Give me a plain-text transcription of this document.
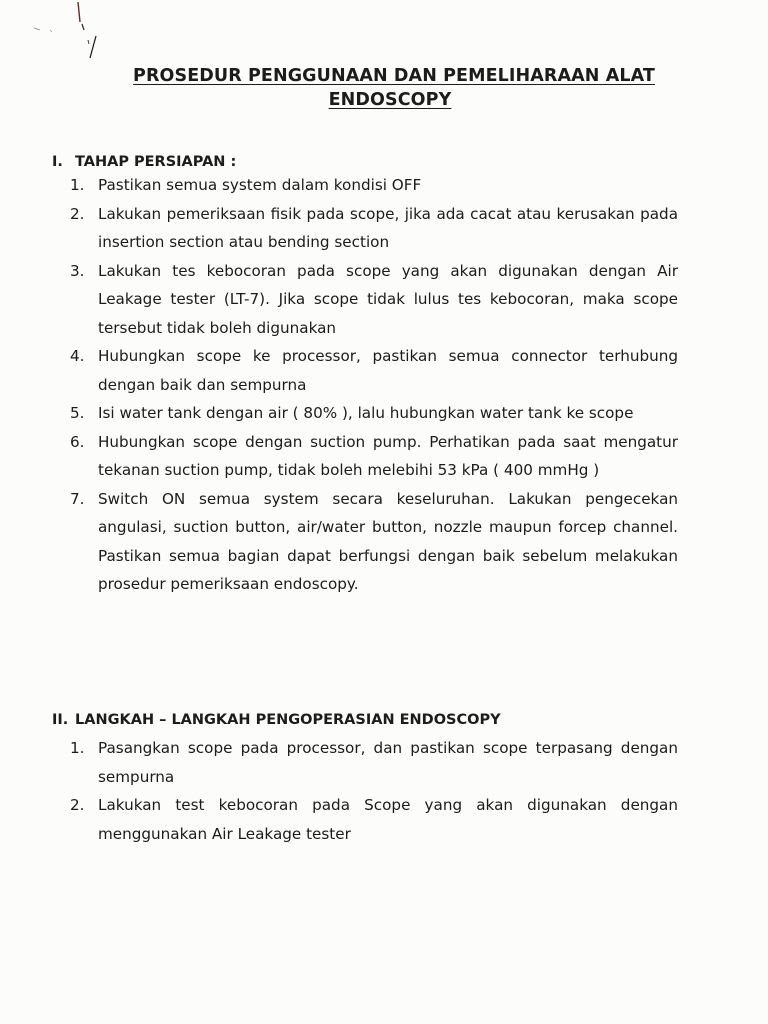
PROSEDUR PENGGUNAAN DAN PEMELIHARAAN ALAT
ENDOSCOPY
I. TAHAP PERSIAPAN :
1. Pastikan semua system dalam kondisi OFF
2. Lakukan pemeriksaan fisik pada scope, jika ada cacat atau kerusakan pada insertion section atau bending section
3. Lakukan tes kebocoran pada scope yang akan digunakan dengan Air Leakage tester (LT-7). Jika scope tidak lulus tes kebocoran, maka scope tersebut tidak boleh digunakan
4. Hubungkan scope ke processor, pastikan semua connector terhubung dengan baik dan sempurna
5. Isi water tank dengan air ( 80% ), lalu hubungkan water tank ke scope
6. Hubungkan scope dengan suction pump. Perhatikan pada saat mengatur tekanan suction pump, tidak boleh melebihi 53 kPa ( 400 mmHg )
7. Switch ON semua system secara keseluruhan. Lakukan pengecekan angulasi, suction button, air/water button, nozzle maupun forcep channel. Pastikan semua bagian dapat berfungsi dengan baik sebelum melakukan prosedur pemeriksaan endoscopy.
II. LANGKAH – LANGKAH PENGOPERASIAN ENDOSCOPY
1. Pasangkan scope pada processor, dan pastikan scope terpasang dengan sempurna
2. Lakukan test kebocoran pada Scope yang akan digunakan dengan menggunakan Air Leakage tester
